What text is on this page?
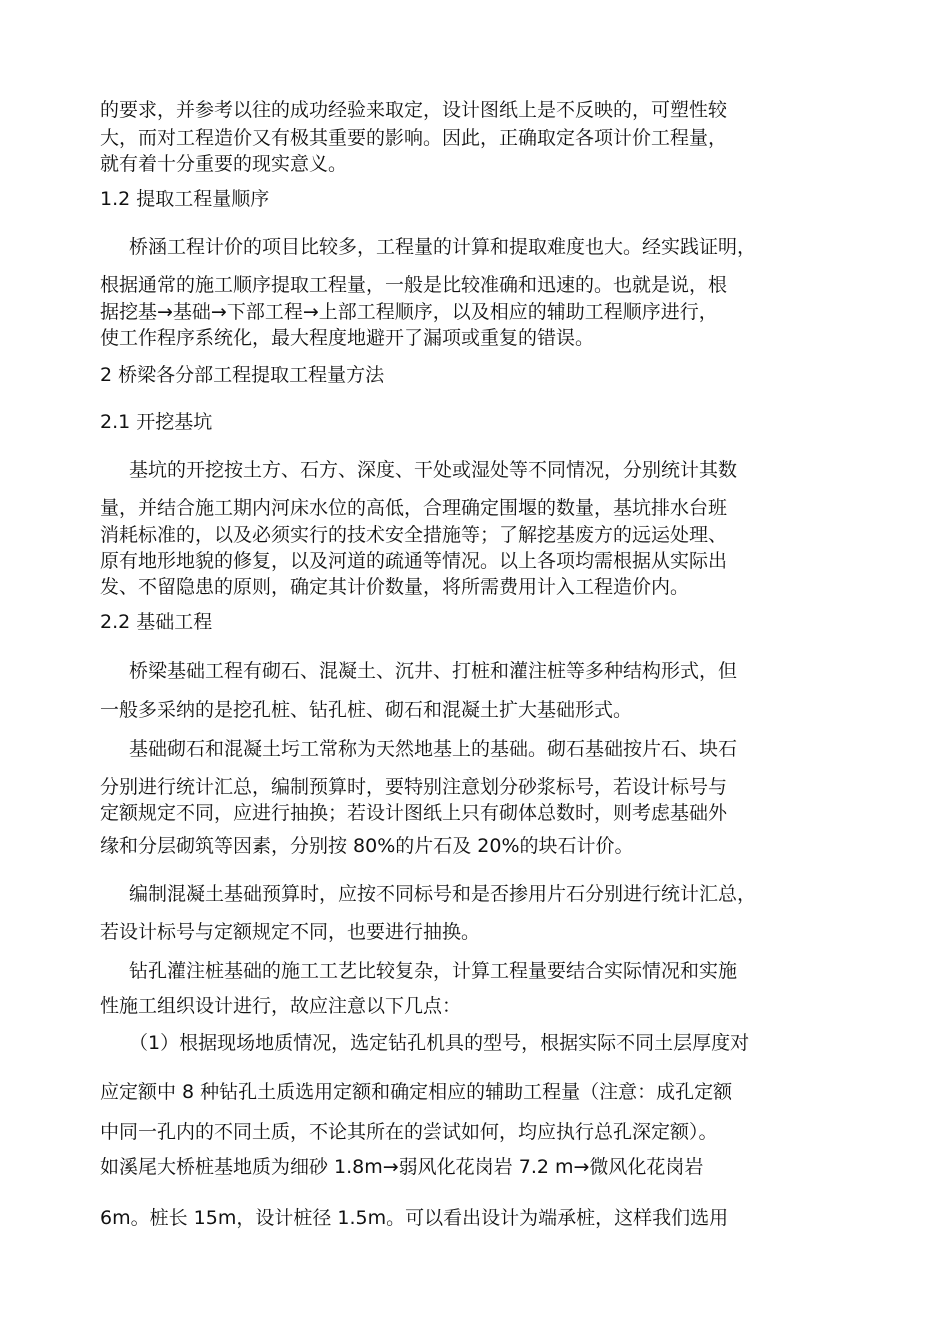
的要求，并参考以往的成功经验来取定，设计图纸上是不反映的，可塑性较
大，而对工程造价又有极其重要的影响。因此，正确取定各项计价工程量，
就有着十分重要的现实意义。
1.2 提取工程量顺序
桥涵工程计价的项目比较多，工程量的计算和提取难度也大。经实践证明，
根据通常的施工顺序提取工程量，一般是比较准确和迅速的。也就是说，根
据挖基→基础→下部工程→上部工程顺序，以及相应的辅助工程顺序进行，
使工作程序系统化，最大程度地避开了漏项或重复的错误。
2 桥梁各分部工程提取工程量方法
2.1 开挖基坑
基坑的开挖按土方、石方、深度、干处或湿处等不同情况，分别统计其数
量，并结合施工期内河床水位的高低，合理确定围堰的数量，基坑排水台班
消耗标准的，以及必须实行的技术安全措施等；了解挖基废方的远运处理、
原有地形地貌的修复，以及河道的疏通等情况。以上各项均需根据从实际出
发、不留隐患的原则，确定其计价数量，将所需费用计入工程造价内。
2.2 基础工程
桥梁基础工程有砌石、混凝土、沉井、打桩和灌注桩等多种结构形式，但
一般多采纳的是挖孔桩、钻孔桩、砌石和混凝土扩大基础形式。
基础砌石和混凝土圬工常称为天然地基上的基础。砌石基础按片石、块石
分别进行统计汇总，编制预算时，要特别注意划分砂浆标号，若设计标号与
定额规定不同，应进行抽换；若设计图纸上只有砌体总数时，则考虑基础外
缘和分层砌筑等因素，分别按 80%的片石及 20%的块石计价。
编制混凝土基础预算时，应按不同标号和是否掺用片石分别进行统计汇总，
若设计标号与定额规定不同，也要进行抽换。
钻孔灌注桩基础的施工工艺比较复杂，计算工程量要结合实际情况和实施
性施工组织设计进行，故应注意以下几点：
（1）根据现场地质情况，选定钻孔机具的型号，根据实际不同土层厚度对
应定额中 8 种钻孔土质选用定额和确定相应的辅助工程量（注意：成孔定额
中同一孔内的不同土质，不论其所在的尝试如何，均应执行总孔深定额）。
如溪尾大桥桩基地质为细砂 1.8m→弱风化花岗岩 7.2 m→微风化花岗岩
6m。桩长 15m，设计桩径 1.5m。可以看出设计为端承桩，这样我们选用
